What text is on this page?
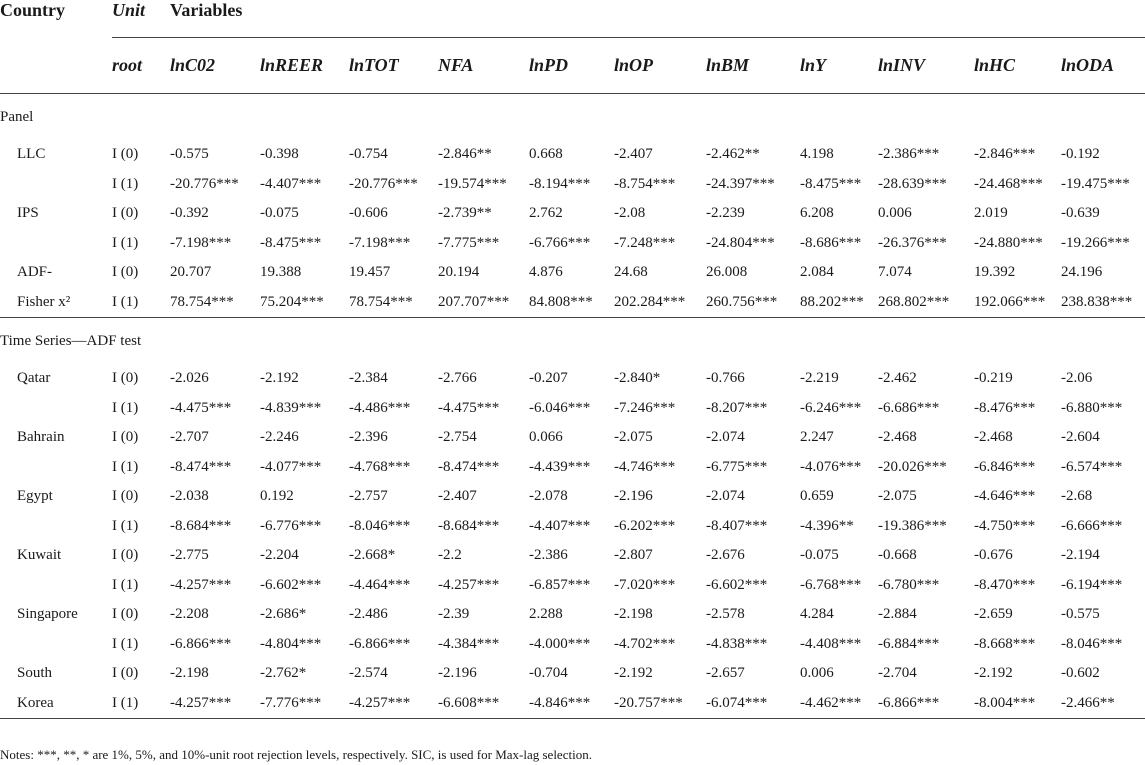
Country	Unit	Variables										
	root	lnC02	lnREER	lnTOT	NFA	lnPD	lnOP	lnBM	lnY	lnINV	lnHC	lnODA
Panel												
LLC	I (0)	-0.575	-0.398	-0.754	-2.846**	0.668	-2.407	-2.462**	4.198	-2.386***	-2.846***	-0.192
	I (1)	-20.776***	-4.407***	-20.776***	-19.574***	-8.194***	-8.754***	-24.397***	-8.475***	-28.639***	-24.468***	-19.475***
IPS	I (0)	-0.392	-0.075	-0.606	-2.739**	2.762	-2.08	-2.239	6.208	0.006	2.019	-0.639
	I (1)	-7.198***	-8.475***	-7.198***	-7.775***	-6.766***	-7.248***	-24.804***	-8.686***	-26.376***	-24.880***	-19.266***
ADF-	I (0)	20.707	19.388	19.457	20.194	4.876	24.68	26.008	2.084	7.074	19.392	24.196
Fisher x²	I (1)	78.754***	75.204***	78.754***	207.707***	84.808***	202.284***	260.756***	88.202***	268.802***	192.066***	238.838***
Time Series—ADF test												
Qatar	I (0)	-2.026	-2.192	-2.384	-2.766	-0.207	-2.840*	-0.766	-2.219	-2.462	-0.219	-2.06
	I (1)	-4.475***	-4.839***	-4.486***	-4.475***	-6.046***	-7.246***	-8.207***	-6.246***	-6.686***	-8.476***	-6.880***
Bahrain	I (0)	-2.707	-2.246	-2.396	-2.754	0.066	-2.075	-2.074	2.247	-2.468	-2.468	-2.604
	I (1)	-8.474***	-4.077***	-4.768***	-8.474***	-4.439***	-4.746***	-6.775***	-4.076***	-20.026***	-6.846***	-6.574***
Egypt	I (0)	-2.038	0.192	-2.757	-2.407	-2.078	-2.196	-2.074	0.659	-2.075	-4.646***	-2.68
	I (1)	-8.684***	-6.776***	-8.046***	-8.684***	-4.407***	-6.202***	-8.407***	-4.396**	-19.386***	-4.750***	-6.666***
Kuwait	I (0)	-2.775	-2.204	-2.668*	-2.2	-2.386	-2.807	-2.676	-0.075	-0.668	-0.676	-2.194
	I (1)	-4.257***	-6.602***	-4.464***	-4.257***	-6.857***	-7.020***	-6.602***	-6.768***	-6.780***	-8.470***	-6.194***
Singapore	I (0)	-2.208	-2.686*	-2.486	-2.39	2.288	-2.198	-2.578	4.284	-2.884	-2.659	-0.575
	I (1)	-6.866***	-4.804***	-6.866***	-4.384***	-4.000***	-4.702***	-4.838***	-4.408***	-6.884***	-8.668***	-8.046***
South	I (0)	-2.198	-2.762*	-2.574	-2.196	-0.704	-2.192	-2.657	0.006	-2.704	-2.192	-0.602
Korea	I (1)	-4.257***	-7.776***	-4.257***	-6.608***	-4.846***	-20.757***	-6.074***	-4.462***	-6.866***	-8.004***	-2.466**
Notes: ***, **, * are 1%, 5%, and 10%-unit root rejection levels, respectively. SIC, is used for Max-lag selection.
